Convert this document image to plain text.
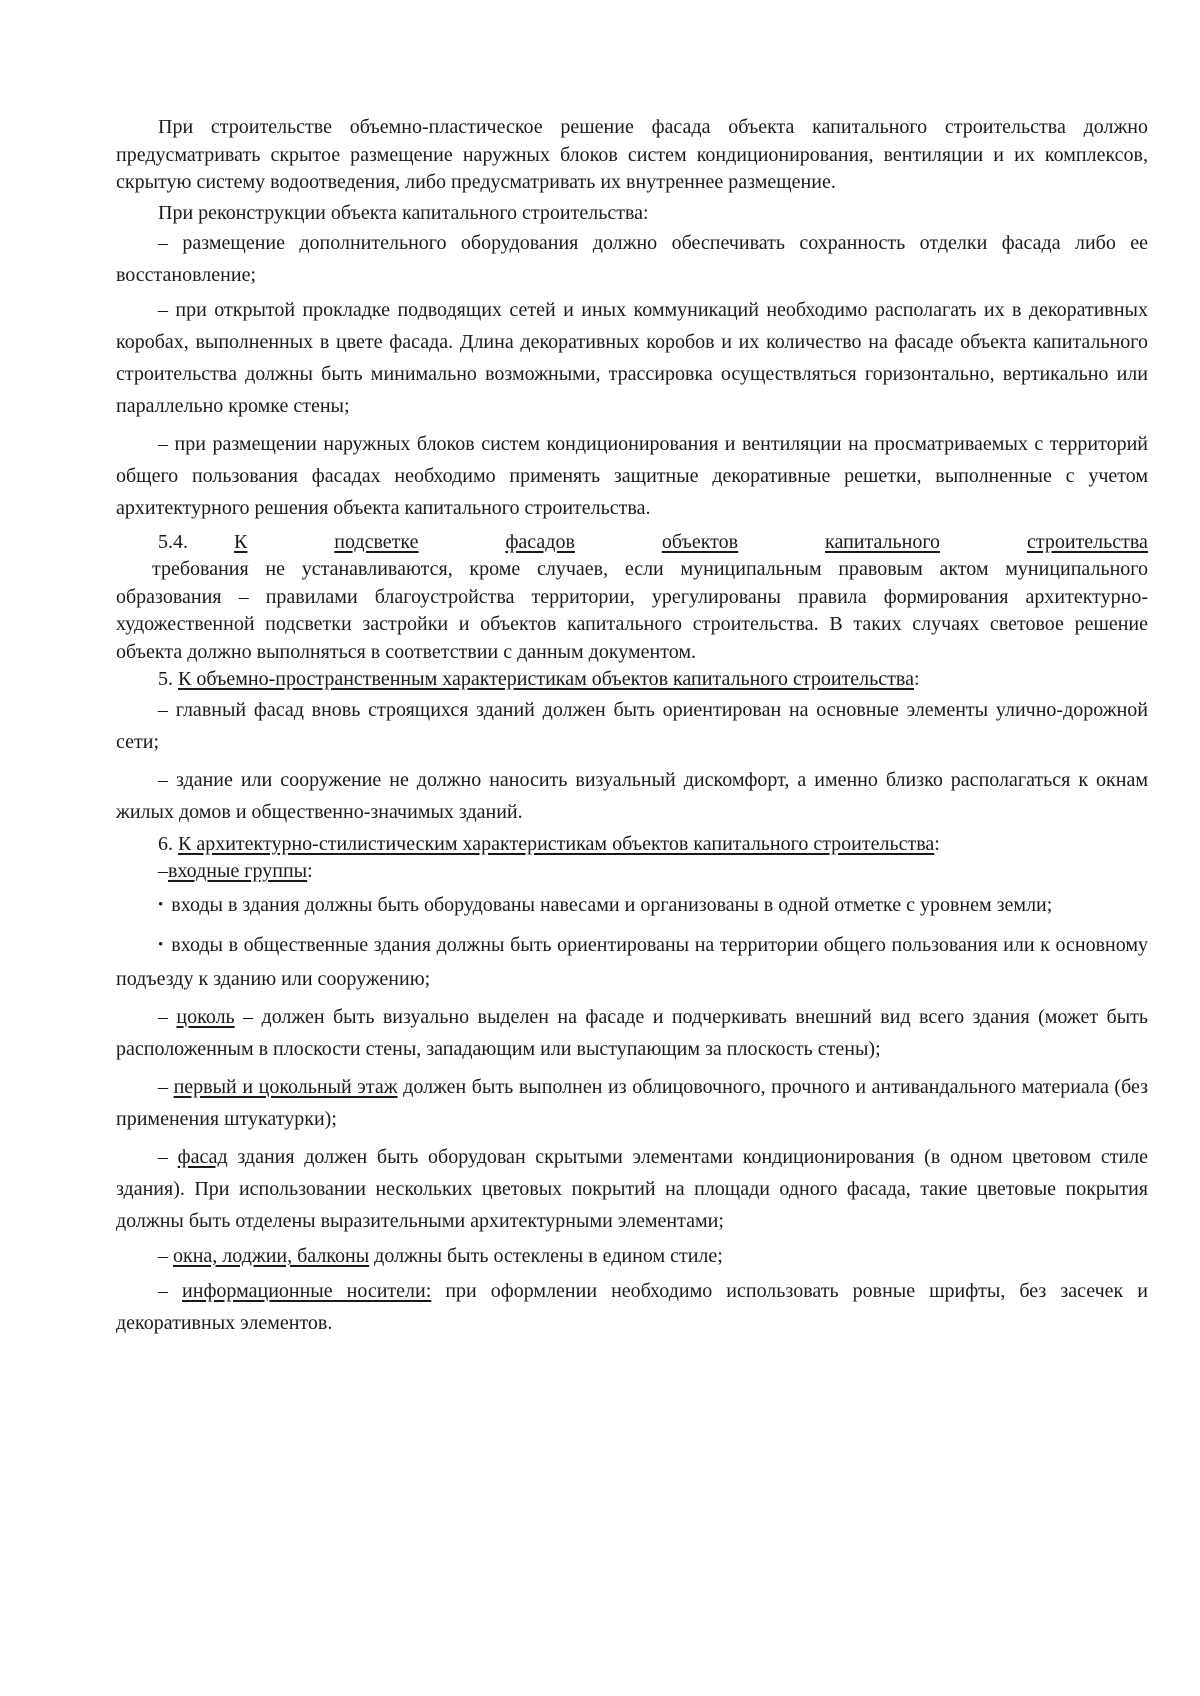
При строительстве объемно-пластическое решение фасада объекта капитального строительства должно предусматривать скрытое размещение наружных блоков систем кондиционирования, вентиляции и их комплексов, скрытую систему водоотведения, либо предусматривать их внутреннее размещение.

При реконструкции объекта капитального строительства:

– размещение дополнительного оборудования должно обеспечивать сохранность отделки фасада либо ее восстановление;

– при открытой прокладке подводящих сетей и иных коммуникаций необходимо располагать их в декоративных коробах, выполненных в цвете фасада. Длина декоративных коробов и их количество на фасаде объекта капитального строительства должны быть минимально возможными, трассировка осуществляться горизонтально, вертикально или параллельно кромке стены;

– при размещении наружных блоков систем кондиционирования и вентиляции на просматриваемых с территорий общего пользования фасадах необходимо применять защитные декоративные решетки, выполненные с учетом архитектурного решения объекта капитального строительства.

5.4. К	подсветке	фасадов	объектов	капитального	строительства

требования не устанавливаются, кроме случаев, если муниципальным правовым актом муниципального образования – правилами благоустройства территории, урегулированы правила формирования архитектурно-художественной подсветки застройки и объектов капитального строительства. В таких случаях световое решение объекта должно выполняться в соответствии с данным документом.

5. К объемно-пространственным характеристикам объектов капитального строительства:

– главный фасад вновь строящихся зданий должен быть ориентирован на основные элементы улично-дорожной сети;

– здание или сооружение не должно наносить визуальный дискомфорт, а именно близко располагаться к окнам жилых домов и общественно-значимых зданий.

6. К архитектурно-стилистическим характеристикам объектов капитального строительства:

–входные группы:

• входы в здания должны быть оборудованы навесами и организованы в одной отметке с уровнем земли;

• входы в общественные здания должны быть ориентированы на территории общего пользования или к основному подъезду к зданию или сооружению;

– цоколь – должен быть визуально выделен на фасаде и подчеркивать внешний вид всего здания (может быть расположенным в плоскости стены, западающим или выступающим за плоскость стены);

– первый и цокольный этаж должен быть выполнен из облицовочного, прочного и антивандального материала (без применения штукатурки);

– фасад здания должен быть оборудован скрытыми элементами кондиционирования (в одном цветовом стиле здания). При использовании нескольких цветовых покрытий на площади одного фасада, такие цветовые покрытия должны быть отделены выразительными архитектурными элементами;

– окна, лоджии, балконы должны быть остеклены в едином стиле;

– информационные носители: при оформлении необходимо использовать ровные шрифты, без засечек и декоративных элементов.
